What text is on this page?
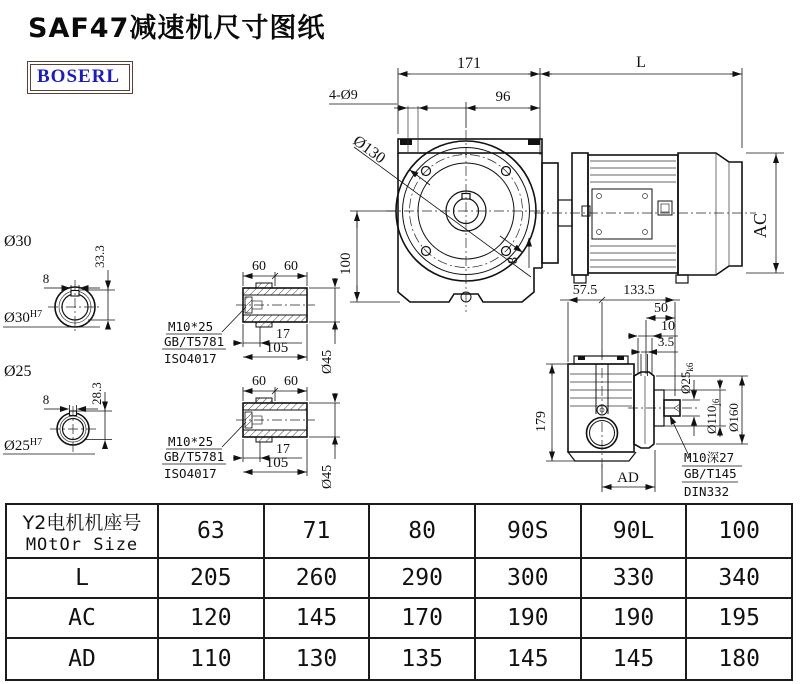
SAF47减速机尺寸图纸
BOSERL
Ø130
100	8
171	L
96
4-Ø9
AC
60 60
17
105
Ø45
M10*25
GB/T5781
ISO4017
60 60
17
105
Ø45
M10*25
GB/T5781
ISO4017
Ø30
8
33.3
$Ø30^{H7}$
Ø25
8	28.3
$Ø25^{H7}$
57.5 133.5
50
10
3.5
179
$Ø25_{k6}$
$Ø110_{j6}$
Ø160
AD
M10深27
GB/T145
DIN332
Y2电机机座号
MOtOr Size
63	71	80	90S	90L	100
L	205	260	290	300	330	340
AC	120	145	170	190	190	195
AD	110	130	135	145	145	180
